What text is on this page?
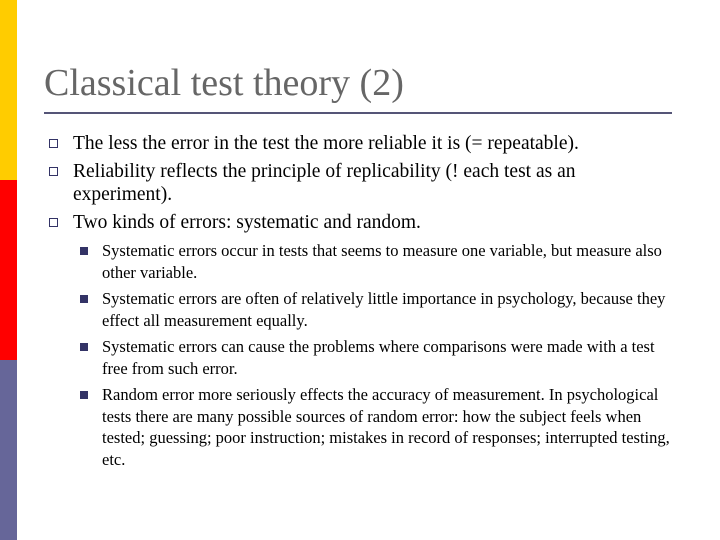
Classical test theory (2)
The less the error in the test the more reliable it is (= repeatable).
Reliability reflects the principle of replicability (! each test as an experiment).
Two kinds of errors: systematic and random.
Systematic errors occur in tests that seems to measure one variable, but measure also other variable.
Systematic errors are often of relatively little importance in psychology, because they effect all measurement equally.
Systematic errors can cause the problems where comparisons were made with a test free from such error.
Random error more seriously effects the accuracy of measurement. In psychological tests there are many possible sources of random error: how the subject feels when tested; guessing; poor instruction; mistakes in record of responses; interrupted testing, etc.
